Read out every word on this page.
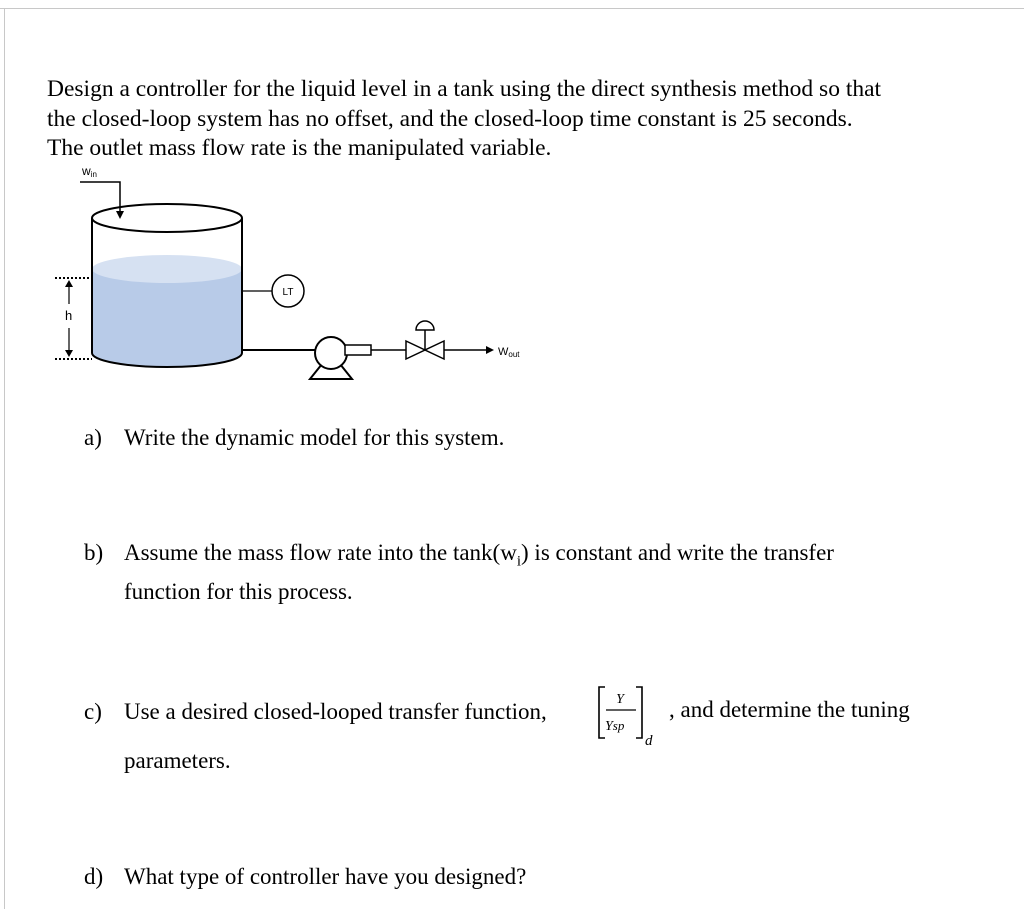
Design a controller for the liquid level in a tank using the direct synthesis method so that
the closed-loop system has no offset, and the closed-loop time constant is 25 seconds.
The outlet mass flow rate is the manipulated variable.

win
h
LT
Wout
a) Write the dynamic model for this system.
b) Assume the mass flow rate into the $\tan k(w_i)$ is constant and write the transfer
function for this process.
c) Use a desired closed-looped transfer function,	Y
Ysp
d
, and determine the tuning
parameters.
d) What type of controller have you designed?
